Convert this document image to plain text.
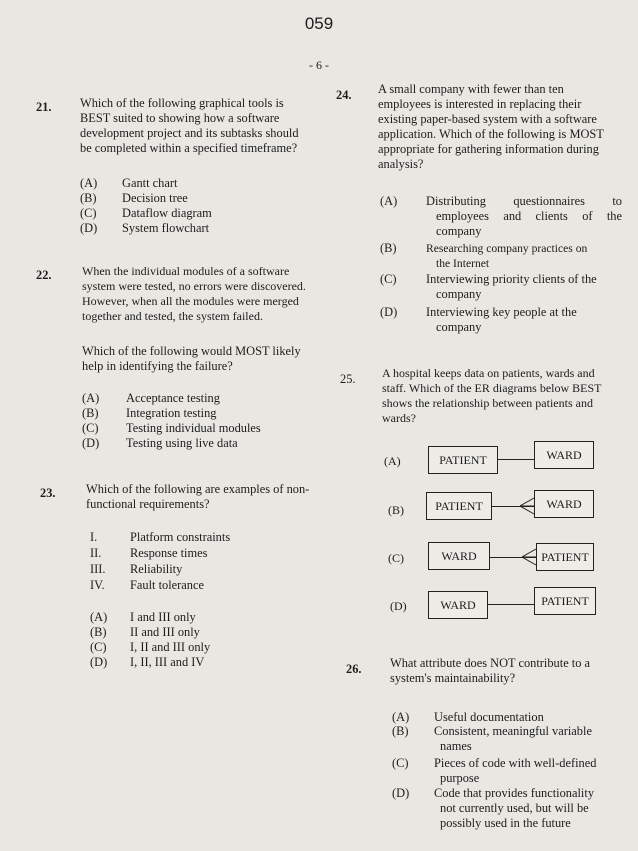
059
- 6 -
21. Which of the following graphical tools is
BEST suited to showing how a software
development project and its subtasks should
be completed within a specified timeframe?
(A) Gantt chart
(B) Decision tree
(C) Dataflow diagram
(D) System flowchart
22.	When the individual modules of a software
system were tested, no errors were discovered.
However, when all the modules were merged
together and tested, the system failed.
Which of the following would MOST likely
help in identifying the failure?
(A) Acceptance testing
(B) Integration testing
(C) Testing individual modules
(D) Testing using live data
23. Which of the following are examples of non-
functional requirements?
I.	Platform constraints
II. Response times
III. Reliability
IV. Fault tolerance
(A) I and III only
(B) II and III only
(C) I, II and III only
(D) I, II, III and IV
24. A small company with fewer than ten
employees is interested in replacing their
existing paper-based system with a software
application. Which of the following is MOST
appropriate for gathering information during
analysis?
(A) Distributing questionnaires to
employees and clients of the
company
(B)	Researching company practices on
the Internet
(C) Interviewing priority clients of the
company
(D) Interviewing key people at the
company
25. A hospital keeps data on patients, wards and
staff. Which of the ER diagrams below BEST
shows the relationship between patients and
wards?
(A)	PATIENT	WARD
(B)	PATIENT	WARD
(C)	WARD	PATIENT
(D)	WARD	PATIENT
26. What attribute does NOT contribute to a
system's maintainability?
(A) Useful documentation
(B) Consistent, meaningful variable
names
(C) Pieces of code with well-defined
purpose
(D) Code that provides functionality
not currently used, but will be
possibly used in the future
